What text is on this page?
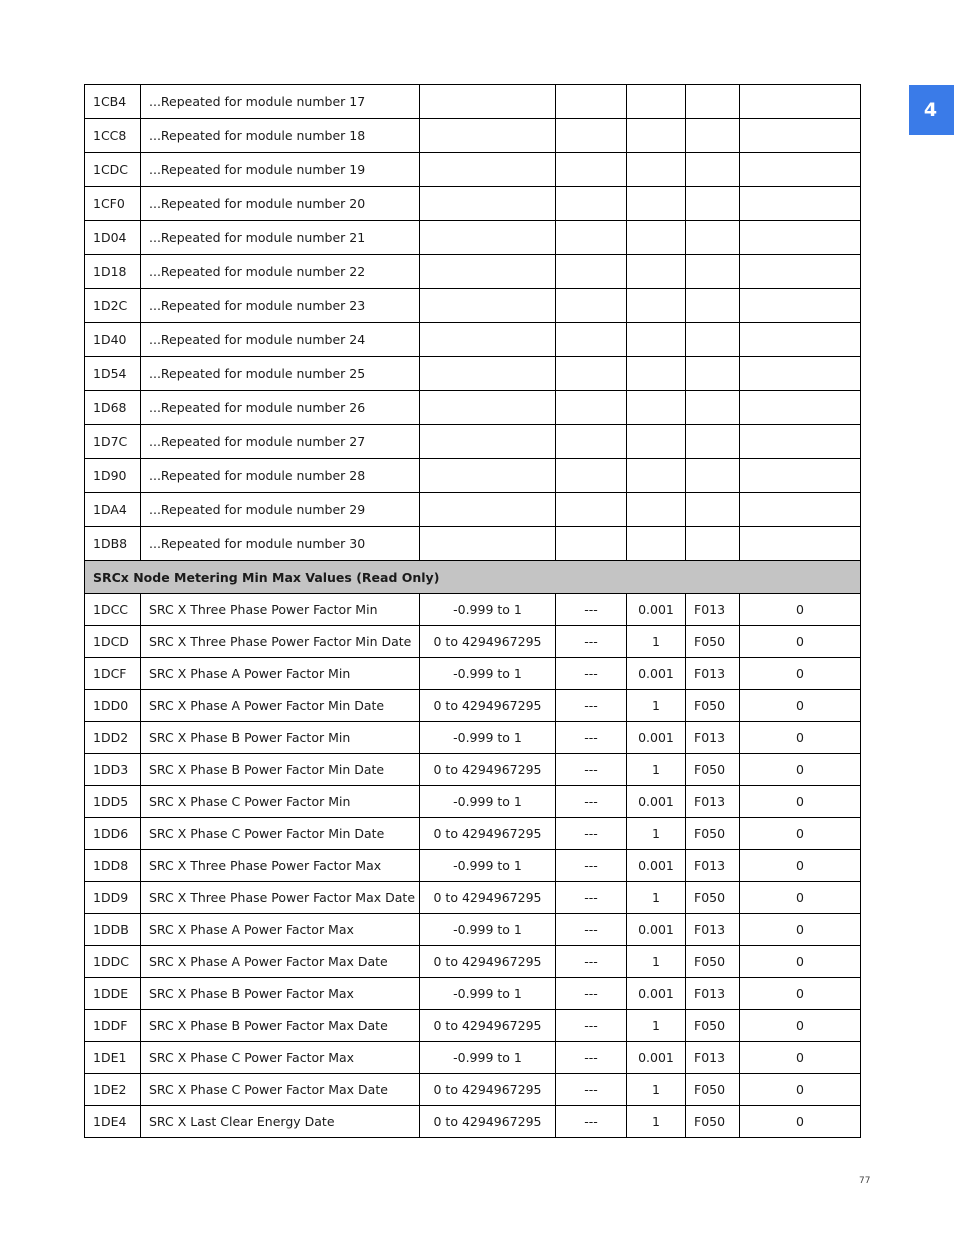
4
1CB4	...Repeated for module number 17					
1CC8	...Repeated for module number 18					
1CDC	...Repeated for module number 19					
1CF0	...Repeated for module number 20					
1D04	...Repeated for module number 21					
1D18	...Repeated for module number 22					
1D2C	...Repeated for module number 23					
1D40	...Repeated for module number 24					
1D54	...Repeated for module number 25					
1D68	...Repeated for module number 26					
1D7C	...Repeated for module number 27					
1D90	...Repeated for module number 28					
1DA4	...Repeated for module number 29					
1DB8	...Repeated for module number 30					
SRCx Node Metering Min Max Values (Read Only)						
1DCC	SRC X Three Phase Power Factor Min	-0.999 to 1	---	0.001	F013	0
1DCD	SRC X Three Phase Power Factor Min Date	0 to 4294967295	---	1	F050	0
1DCF	SRC X Phase A Power Factor Min	-0.999 to 1	---	0.001	F013	0
1DD0	SRC X Phase A Power Factor Min Date	0 to 4294967295	---	1	F050	0
1DD2	SRC X Phase B Power Factor Min	-0.999 to 1	---	0.001	F013	0
1DD3	SRC X Phase B Power Factor Min Date	0 to 4294967295	---	1	F050	0
1DD5	SRC X Phase C Power Factor Min	-0.999 to 1	---	0.001	F013	0
1DD6	SRC X Phase C Power Factor Min Date	0 to 4294967295	---	1	F050	0
1DD8	SRC X Three Phase Power Factor Max	-0.999 to 1	---	0.001	F013	0
1DD9	SRC X Three Phase Power Factor Max Date	0 to 4294967295	---	1	F050	0
1DDB	SRC X Phase A Power Factor Max	-0.999 to 1	---	0.001	F013	0
1DDC	SRC X Phase A Power Factor Max Date	0 to 4294967295	---	1	F050	0
1DDE	SRC X Phase B Power Factor Max	-0.999 to 1	---	0.001	F013	0
1DDF	SRC X Phase B Power Factor Max Date	0 to 4294967295	---	1	F050	0
1DE1	SRC X Phase C Power Factor Max	-0.999 to 1	---	0.001	F013	0
1DE2	SRC X Phase C Power Factor Max Date	0 to 4294967295	---	1	F050	0
1DE4	SRC X Last Clear Energy Date	0 to 4294967295	---	1	F050	0
77
